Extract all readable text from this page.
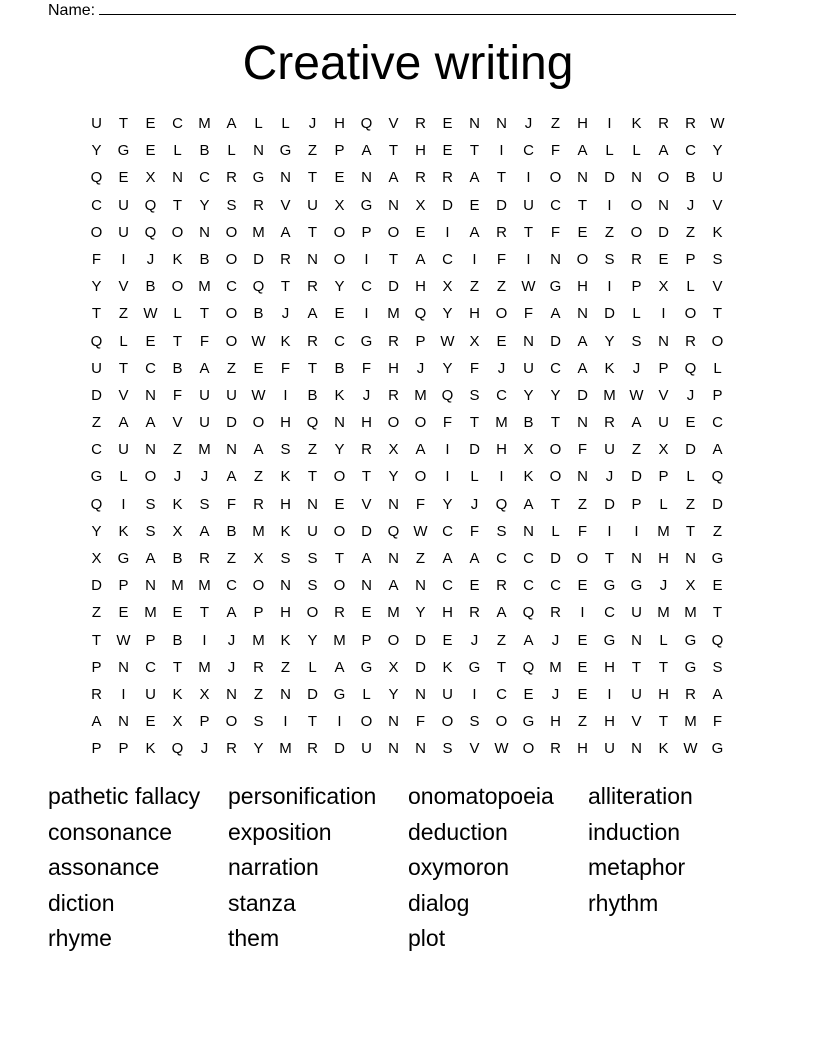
Name:
Creative writing
U	T	E	C	M	A	L	L	J	H	Q	V	R	E	N	N	J	Z	H	I	K	R	R W
Y	G	E	L	B	L	N	G	Z	P	A	T	H	E	T	I	C	F	A	L	L	A	C	Y
Q	E	X	N	C	R	G	N	T	E	N	A	R	R	A	T	I	O	N	D	N	O	B	U
C	U	Q	T	Y	S	R	V	U	X	G	N	X	D	E	D	U	C	T	I	O	N	J	V
O	U	Q	O	N	O M	A	T	O	P	O	E	I	A	R	T	F	E	Z	O	D	Z	K
F	I	J	K	B	O	D	R	N	O	I	T	A	C	I	F	I	N	O	S	R	E	P	S
Y	V	B	O M	C	Q	T	R	Y	C	D	H	X	Z	Z	W G	H	I	P	X	L	V
T	Z	W	L	T	O	B	J	A	E	I	M Q	Y	H	O	F	A	N	D	L	I	O	T
Q	L	E	T	F	O W K	R	C	G	R	P W X	E	N	D	A	Y	S	N	R	O
U	T	C	B	A	Z	E	F	T	B	F	H	J	Y	F	J	U	C	A	K	J	P	Q	L
D	V	N	F	U	U W	I	B	K	J	R	M Q	S	C	Y	Y	D	M W V	J	P
Z	A	A	V	U	D	O	H	Q	N	H	O	O	F	T	M	B	T	N	R	A	U	E	C
C	U	N	Z	M	N	A	S	Z	Y	R	X	A	I	D	H	X	O	F	U	Z	X	D	A
G	L	O	J	J	A	Z	K	T	O	T	Y	O	I	L	I	K	O	N	J	D	P	L	Q
Q	I	S	K	S	F	R	H	N	E	V	N	F	Y	J	Q	A	T	Z	D	P	L	Z	D
Y	K	S	X	A	B	M	K	U	O	D	Q W C	F	S	N	L	F	I	I	M	T	Z
X	G	A	B	R	Z	X	S	S	T	A	N	Z	A	A	C	C	D	O	T	N	H	N	G
D	P	N	M M	C	O	N	S	O	N	A	N	C	E	R	C	C	E	G	G	J	X	E
Z	E	M	E	T	A	P	H	O	R	E	M	Y	H	R	A	Q	R	I	C	U	M M	T
T	W P	B	I	J	M	K	Y	M	P	O	D	E	J	Z	A	J	E	G	N	L	G	Q
P	N	C	T	M	J	R	Z	L	A	G	X	D	K	G	T	Q M	E	H	T	T	G	S
R	I	U	K	X	N	Z	N	D	G	L	Y	N	U	I	C	E	J	E	I	U	H	R	A
A	N	E	X	P	O	S	I	T	I	O	N	F	O	S	O	G	H	Z	H	V	T	M	F
P	P	K	Q	J	R	Y	M	R	D	U	N	N	S	V W O	R	H	U	N	K W G
pathetic fallacy	personification	onomatopoeia	alliteration
consonance	exposition	deduction	induction
assonance	narration	oxymoron	metaphor
diction	stanza	dialog	rhythm
rhyme	them	plot
